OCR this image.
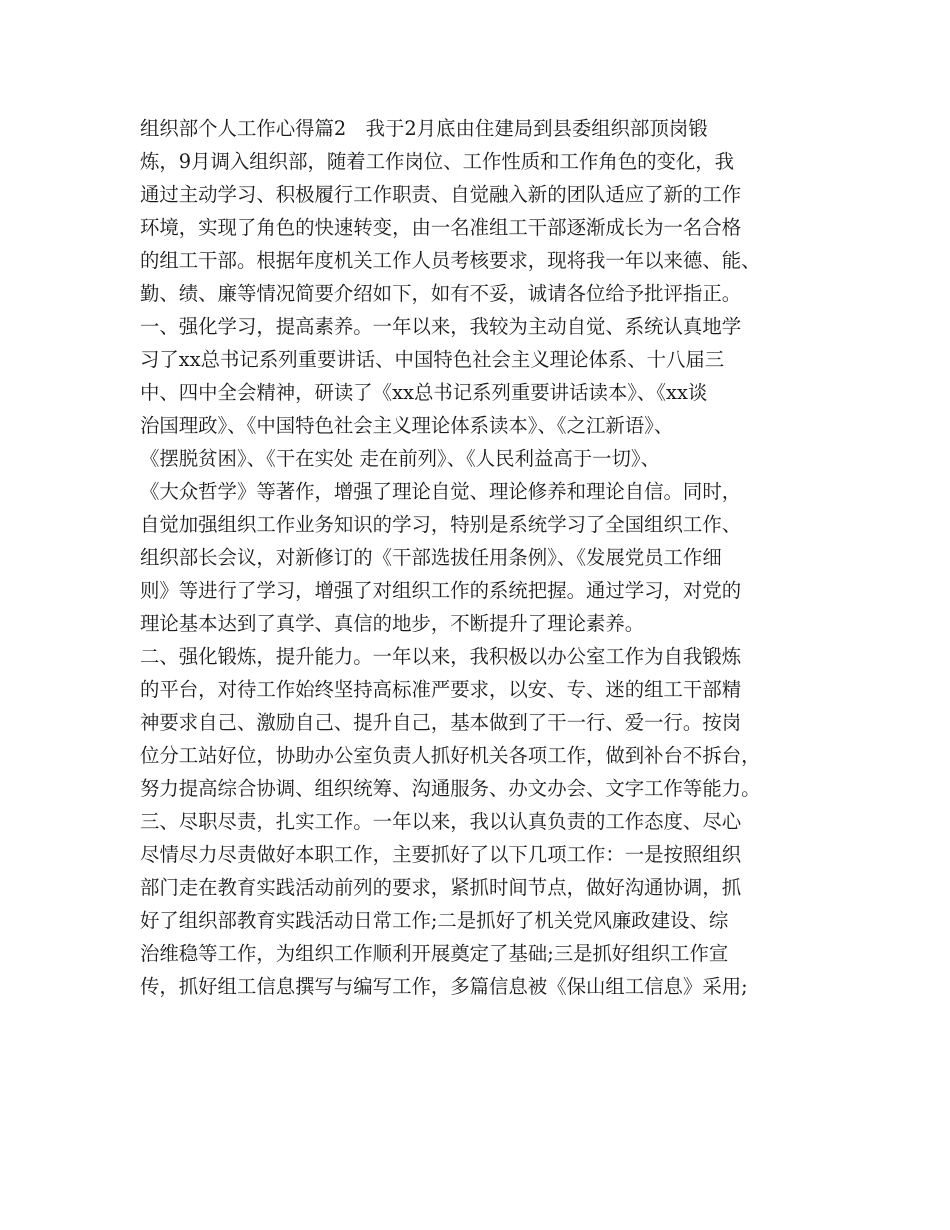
组织部个人工作心得篇2　我于2月底由住建局到县委组织部顶岗锻
炼，9月调入组织部，随着工作岗位、工作性质和工作角色的变化，我
通过主动学习、积极履行工作职责、自觉融入新的团队适应了新的工作
环境，实现了角色的快速转变，由一名准组工干部逐渐成长为一名合格
的组工干部。根据年度机关工作人员考核要求，现将我一年以来德、能、
勤、绩、廉等情况简要介绍如下，如有不妥，诚请各位给予批评指正。
一、强化学习，提高素养。一年以来，我较为主动自觉、系统认真地学
习了xx总书记系列重要讲话、中国特色社会主义理论体系、十八届三
中、四中全会精神，研读了《xx总书记系列重要讲话读本》、《xx谈
治国理政》、《中国特色社会主义理论体系读本》、《之江新语》、
《摆脱贫困》、《干在实处 走在前列》、《人民利益高于一切》、
《大众哲学》等著作，增强了理论自觉、理论修养和理论自信。同时，
自觉加强组织工作业务知识的学习，特别是系统学习了全国组织工作、
组织部长会议，对新修订的《干部选拔任用条例》、《发展党员工作细
则》等进行了学习，增强了对组织工作的系统把握。通过学习，对党的
理论基本达到了真学、真信的地步，不断提升了理论素养。
二、强化锻炼，提升能力。一年以来，我积极以办公室工作为自我锻炼
的平台，对待工作始终坚持高标准严要求，以安、专、迷的组工干部精
神要求自己、激励自己、提升自己，基本做到了干一行、爱一行。按岗
位分工站好位，协助办公室负责人抓好机关各项工作，做到补台不拆台，
努力提高综合协调、组织统筹、沟通服务、办文办会、文字工作等能力。
三、尽职尽责，扎实工作。一年以来，我以认真负责的工作态度、尽心
尽情尽力尽责做好本职工作，主要抓好了以下几项工作：一是按照组织
部门走在教育实践活动前列的要求，紧抓时间节点，做好沟通协调，抓
好了组织部教育实践活动日常工作;二是抓好了机关党风廉政建设、综
治维稳等工作，为组织工作顺利开展奠定了基础;三是抓好组织工作宣
传，抓好组工信息撰写与编写工作，多篇信息被《保山组工信息》采用;
